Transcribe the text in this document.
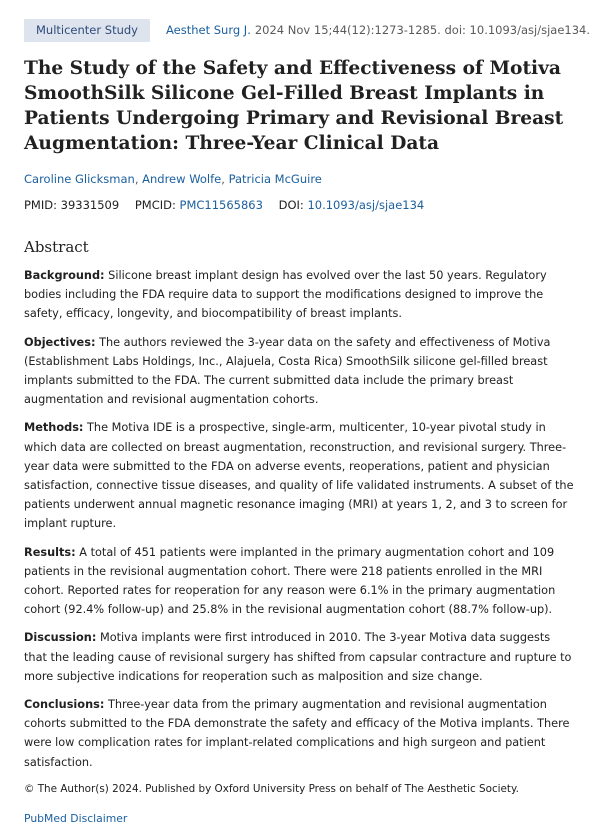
Multicenter Study	Aesthet Surg J. 2024 Nov 15;44(12):1273-1285. doi: 10.1093/asj/sjae134.
The Study of the Safety and Effectiveness of Motiva SmoothSilk Silicone Gel-Filled Breast Implants in Patients Undergoing Primary and Revisional Breast Augmentation: Three-Year Clinical Data
Caroline Glicksman, Andrew Wolfe, Patricia McGuire
PMID: 39331509 PMCID: PMC11565863 DOI: 10.1093/asj/sjae134
Abstract
Background: Silicone breast implant design has evolved over the last 50 years. Regulatory bodies including the FDA require data to support the modifications designed to improve the safety, efficacy, longevity, and biocompatibility of breast implants.
Objectives: The authors reviewed the 3-year data on the safety and effectiveness of Motiva (Establishment Labs Holdings, Inc., Alajuela, Costa Rica) SmoothSilk silicone gel-filled breast implants submitted to the FDA. The current submitted data include the primary breast augmentation and revisional augmentation cohorts.
Methods: The Motiva IDE is a prospective, single-arm, multicenter, 10-year pivotal study in which data are collected on breast augmentation, reconstruction, and revisional surgery. Three-year data were submitted to the FDA on adverse events, reoperations, patient and physician satisfaction, connective tissue diseases, and quality of life validated instruments. A subset of the patients underwent annual magnetic resonance imaging (MRI) at years 1, 2, and 3 to screen for implant rupture.
Results: A total of 451 patients were implanted in the primary augmentation cohort and 109 patients in the revisional augmentation cohort. There were 218 patients enrolled in the MRI cohort. Reported rates for reoperation for any reason were 6.1% in the primary augmentation cohort (92.4% follow-up) and 25.8% in the revisional augmentation cohort (88.7% follow-up).
Discussion: Motiva implants were first introduced in 2010. The 3-year Motiva data suggests that the leading cause of revisional surgery has shifted from capsular contracture and rupture to more subjective indications for reoperation such as malposition and size change.
Conclusions: Three-year data from the primary augmentation and revisional augmentation cohorts submitted to the FDA demonstrate the safety and efficacy of the Motiva implants. There were low complication rates for implant-related complications and high surgeon and patient satisfaction.
© The Author(s) 2024. Published by Oxford University Press on behalf of The Aesthetic Society.
PubMed Disclaimer
